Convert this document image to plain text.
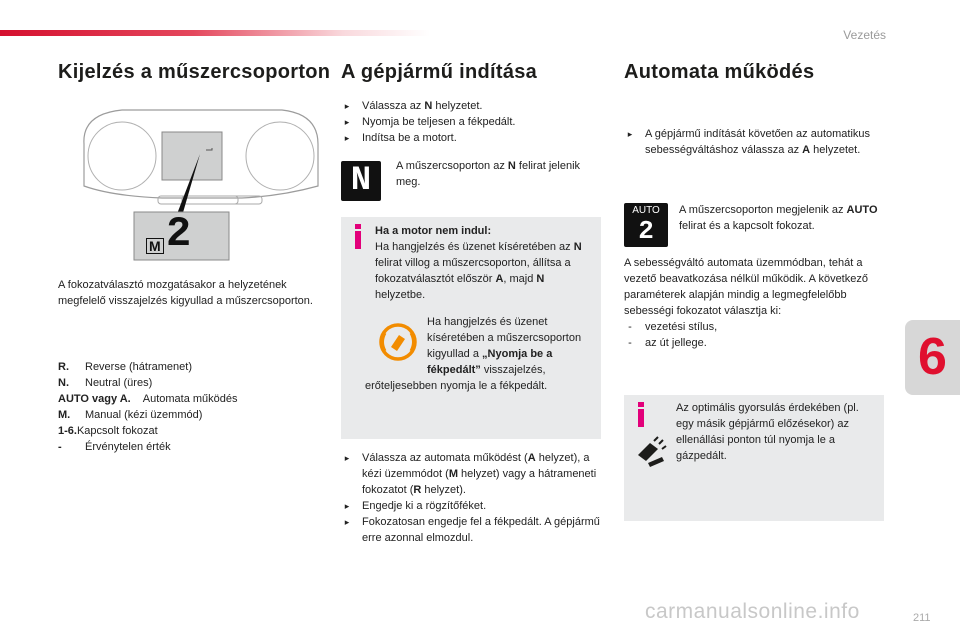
Vezetés
6
211
carmanualsonline.info
Kijelzés a műszercsoporton
2
M
A fokozatválasztó mozgatásakor a helyzetének megfelelő visszajelzés kigyullad a műszercsoporton.
R.	Reverse (hátramenet)
N.	Neutral (üres)
AUTO vagy A. Automata működés
M.	Manual (kézi üzemmód)
1-6. Kapcsolt fokozat
-	Érvénytelen érték
A gépjármű indítása
▸	Válassza az N helyzetet.
▸	Nyomja be teljesen a fékpedált.
▸	Indítsa be a motort.
N	A műszercsoporton az N felirat jelenik meg.
Ha a motor nem indul:
Ha hangjelzés és üzenet kíséretében az N felirat villog a műszercsoporton, állítsa a fokozatválasztót először A, majd N helyzetbe.
Ha hangjelzés és üzenet kíséretében a műszercsoporton kigyullad a „Nyomja be a fékpedált” visszajelzés, erőteljesebben nyomja le a fékpedált.
▸	Válassza az automata működést (A helyzet), a kézi üzemmódot (M helyzet) vagy a hátrameneti fokozatot (R helyzet).
▸	Engedje ki a rögzítőféket.
▸	Fokozatosan engedje fel a fékpedált. A gépjármű erre azonnal elmozdul.
Automata működés
▸	A gépjármű indítását követően az automatikus sebességváltáshoz válassza az A helyzetet.
AUTO
2
A műszercsoporton megjelenik az AUTO felirat és a kapcsolt fokozat.
A sebességváltó automata üzemmódban, tehát a vezető beavatkozása nélkül működik. A következő paraméterek alapján mindig a legmegfelelőbb sebességi fokozatot választja ki:
-	vezetési stílus,
-	az út jellege.
Az optimális gyorsulás érdekében (pl. egy másik gépjármű előzésekor) az ellenállási ponton túl nyomja le a gázpedált.
